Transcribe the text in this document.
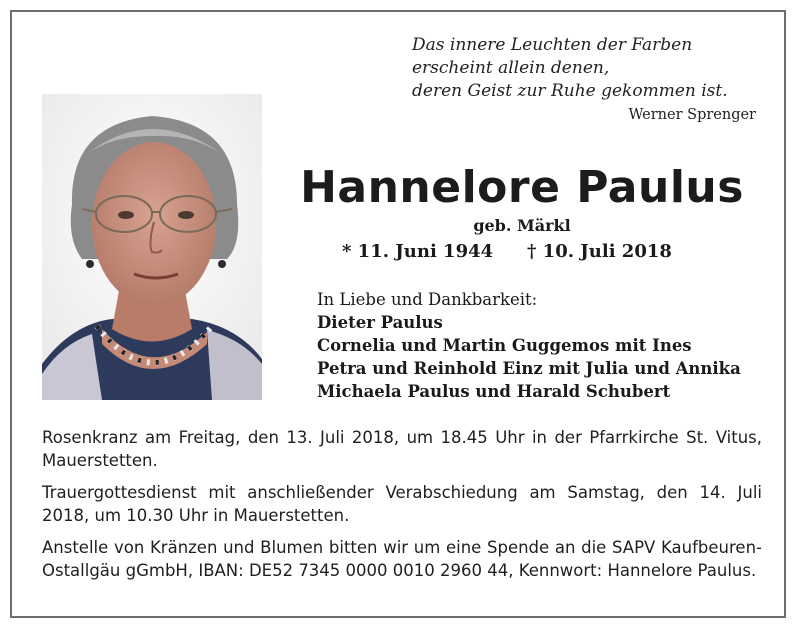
Das innere Leuchten der Farben
erscheint allein denen,
deren Geist zur Ruhe gekommen ist.
Werner Sprenger
Hannelore Paulus
geb. Märkl
* 11. Juni 1944 † 10. Juli 2018
In Liebe und Dankbarkeit:
Dieter Paulus
Cornelia und Martin Guggemos mit Ines
Petra und Reinhold Einz mit Julia und Annika
Michaela Paulus und Harald Schubert

Rosenkranz am Freitag, den 13. Juli 2018, um 18.45 Uhr in der Pfarrkirche St. Vitus, Mauerstetten.

Trauergottesdienst mit anschließender Verabschiedung am Samstag, den 14. Juli 2018, um 10.30 Uhr in Mauerstetten.

Anstelle von Kränzen und Blumen bitten wir um eine Spende an die SAPV Kaufbeuren-Ostallgäu gGmbH, IBAN: DE52 7345 0000 0010 2960 44, Kennwort: Hannelore Paulus.
